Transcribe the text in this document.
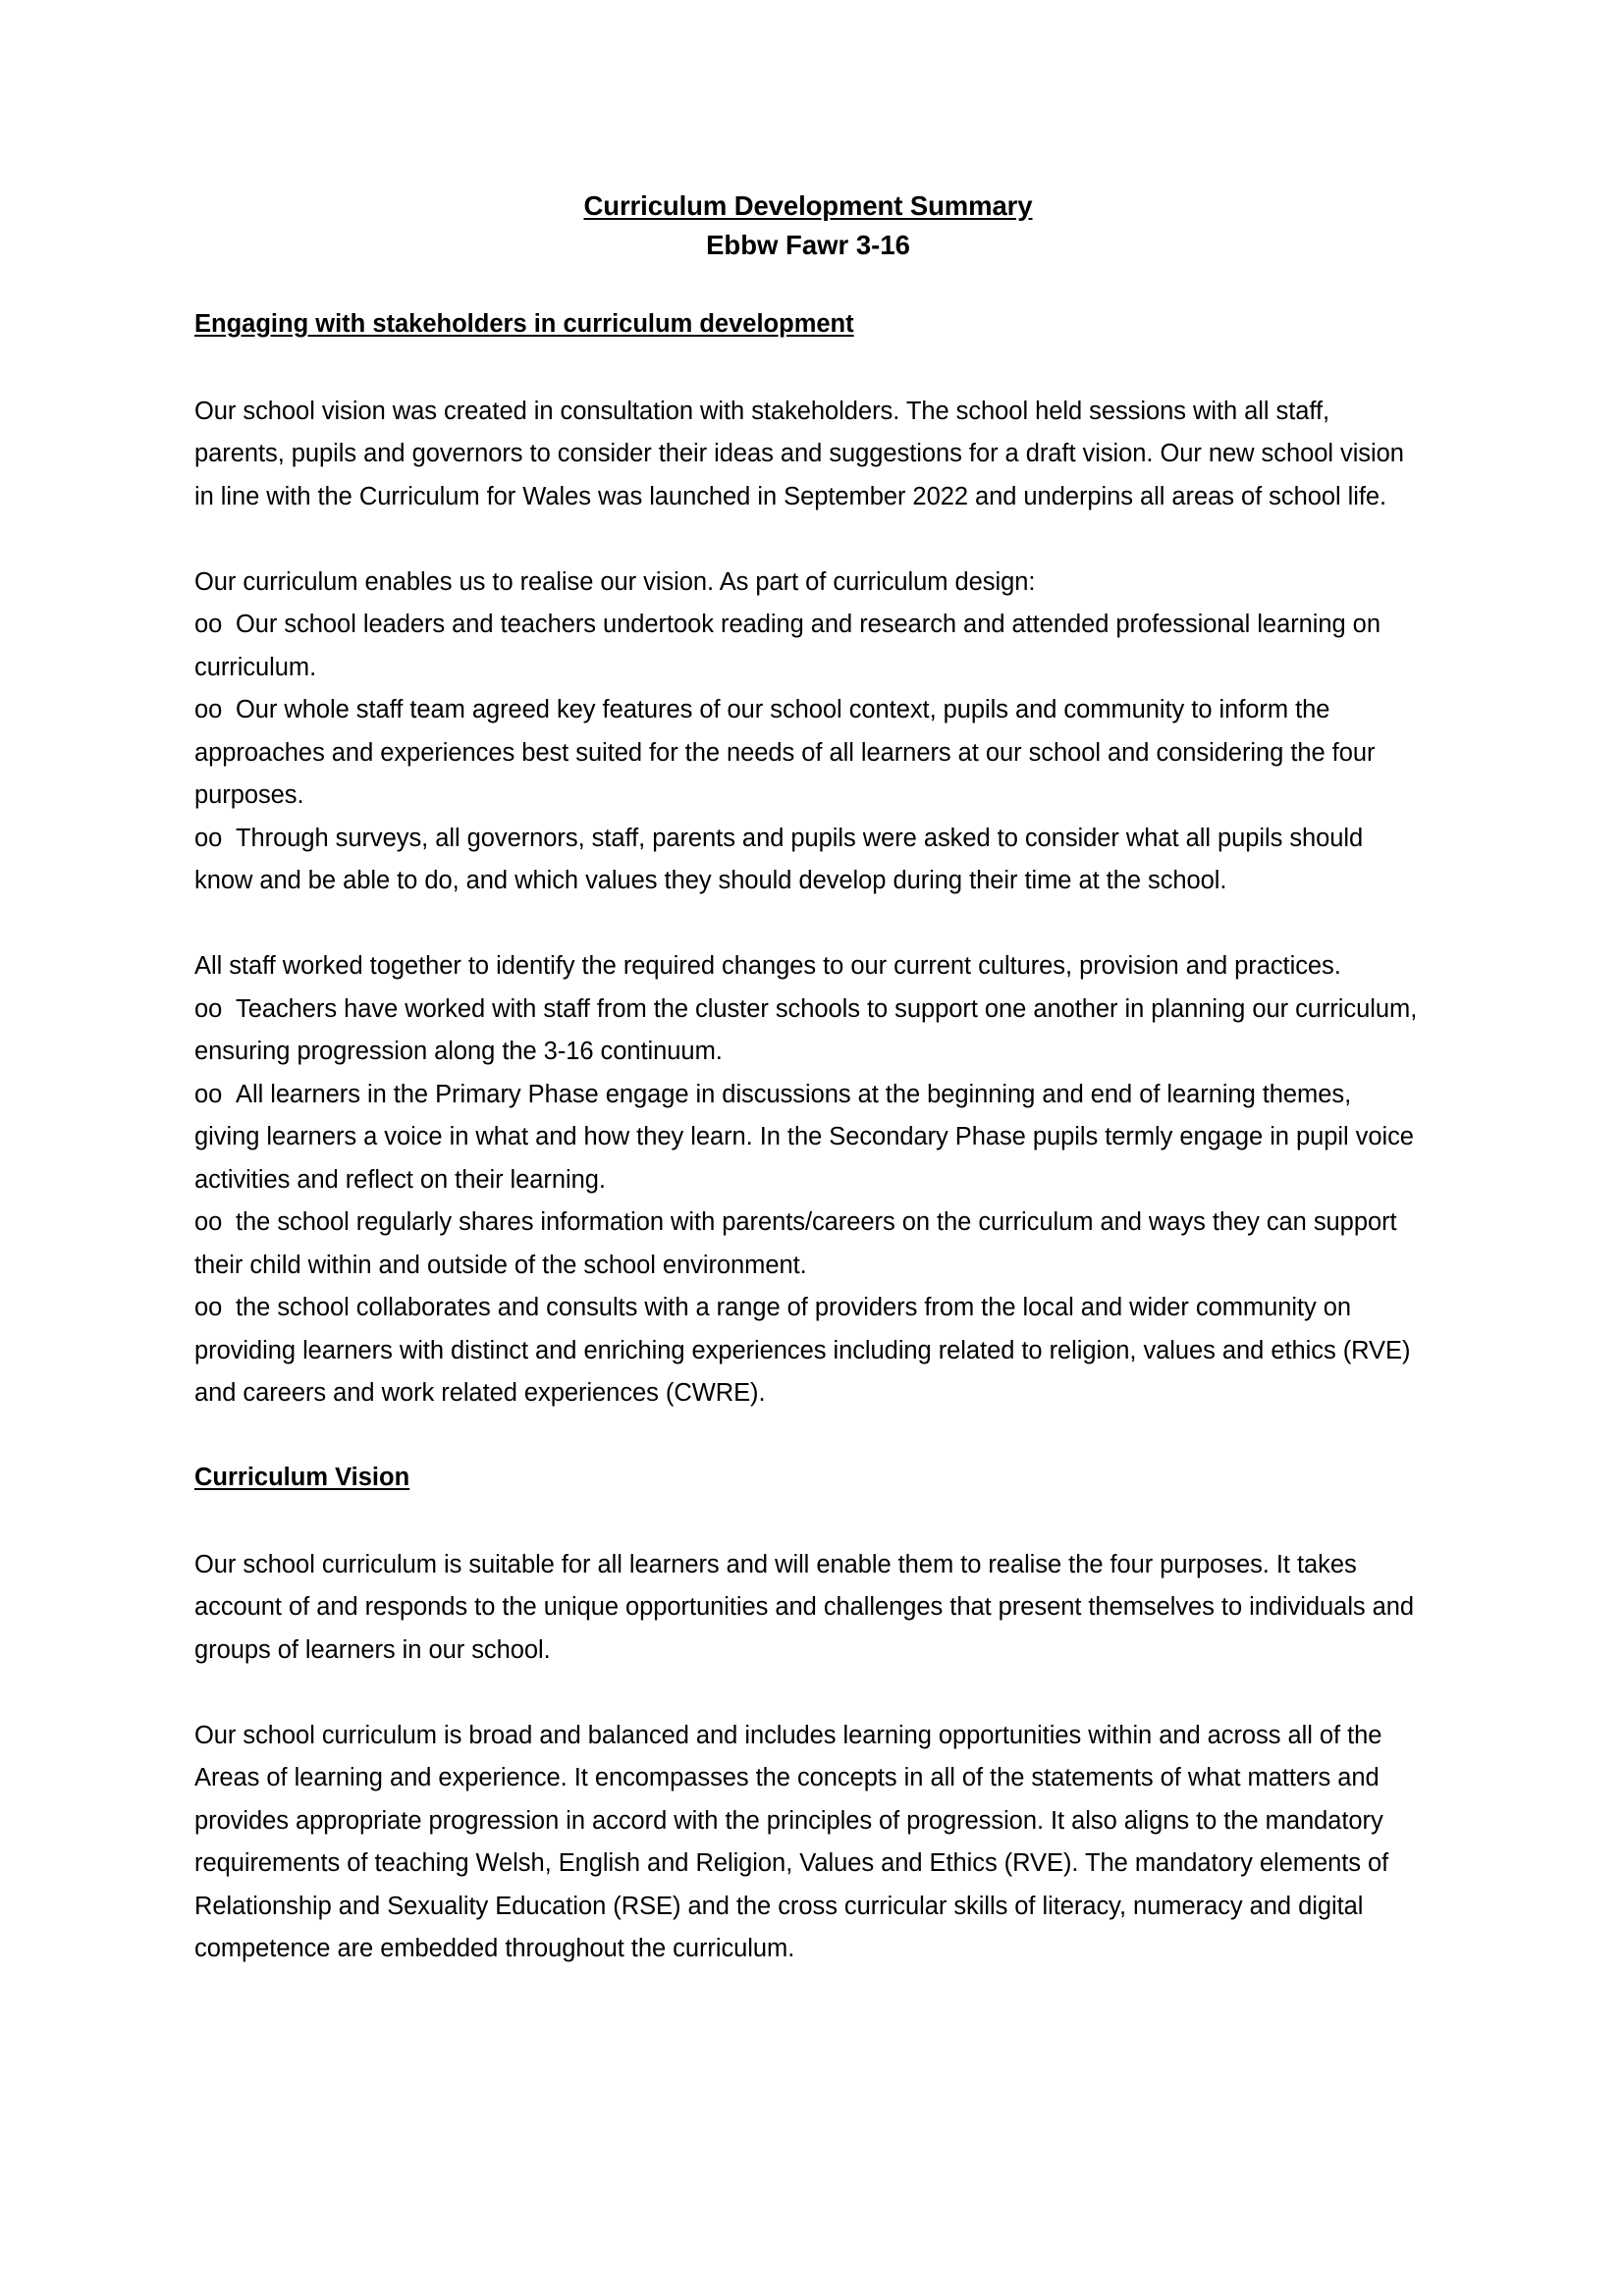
Curriculum Development Summary
Ebbw Fawr 3-16
Engaging with stakeholders in curriculum development

Our school vision was created in consultation with stakeholders. The school held sessions with all staff, parents, pupils and governors to consider their ideas and suggestions for a draft vision. Our new school vision in line with the Curriculum for Wales was launched in September 2022 and underpins all areas of school life.

Our curriculum enables us to realise our vision. As part of curriculum design:

o o Our school leaders and teachers undertook reading and research and attended professional learning on curriculum.

o o Our whole staff team agreed key features of our school context, pupils and community to inform the approaches and experiences best suited for the needs of all learners at our school and considering the four purposes.

o o Through surveys, all governors, staff, parents and pupils were asked to consider what all pupils should know and be able to do, and which values they should develop during their time at the school.

All staff worked together to identify the required changes to our current cultures, provision and practices.

o o Teachers have worked with staff from the cluster schools to support one another in planning our curriculum, ensuring progression along the 3-16 continuum.

o o All learners in the Primary Phase engage in discussions at the beginning and end of learning themes, giving learners a voice in what and how they learn. In the Secondary Phase pupils termly engage in pupil voice activities and reflect on their learning.

o o the school regularly shares information with parents/careers on the curriculum and ways they can support their child within and outside of the school environment.

o o the school collaborates and consults with a range of providers from the local and wider community on providing learners with distinct and enriching experiences including related to religion, values and ethics (RVE) and careers and work related experiences (CWRE).

Curriculum Vision

Our school curriculum is suitable for all learners and will enable them to realise the four purposes. It takes account of and responds to the unique opportunities and challenges that present themselves to individuals and groups of learners in our school.

Our school curriculum is broad and balanced and includes learning opportunities within and across all of the Areas of learning and experience. It encompasses the concepts in all of the statements of what matters and provides appropriate progression in accord with the principles of progression. It also aligns to the mandatory requirements of teaching Welsh, English and Religion, Values and Ethics (RVE). The mandatory elements of Relationship and Sexuality Education (RSE) and the cross curricular skills of literacy, numeracy and digital competence are embedded throughout the curriculum.
